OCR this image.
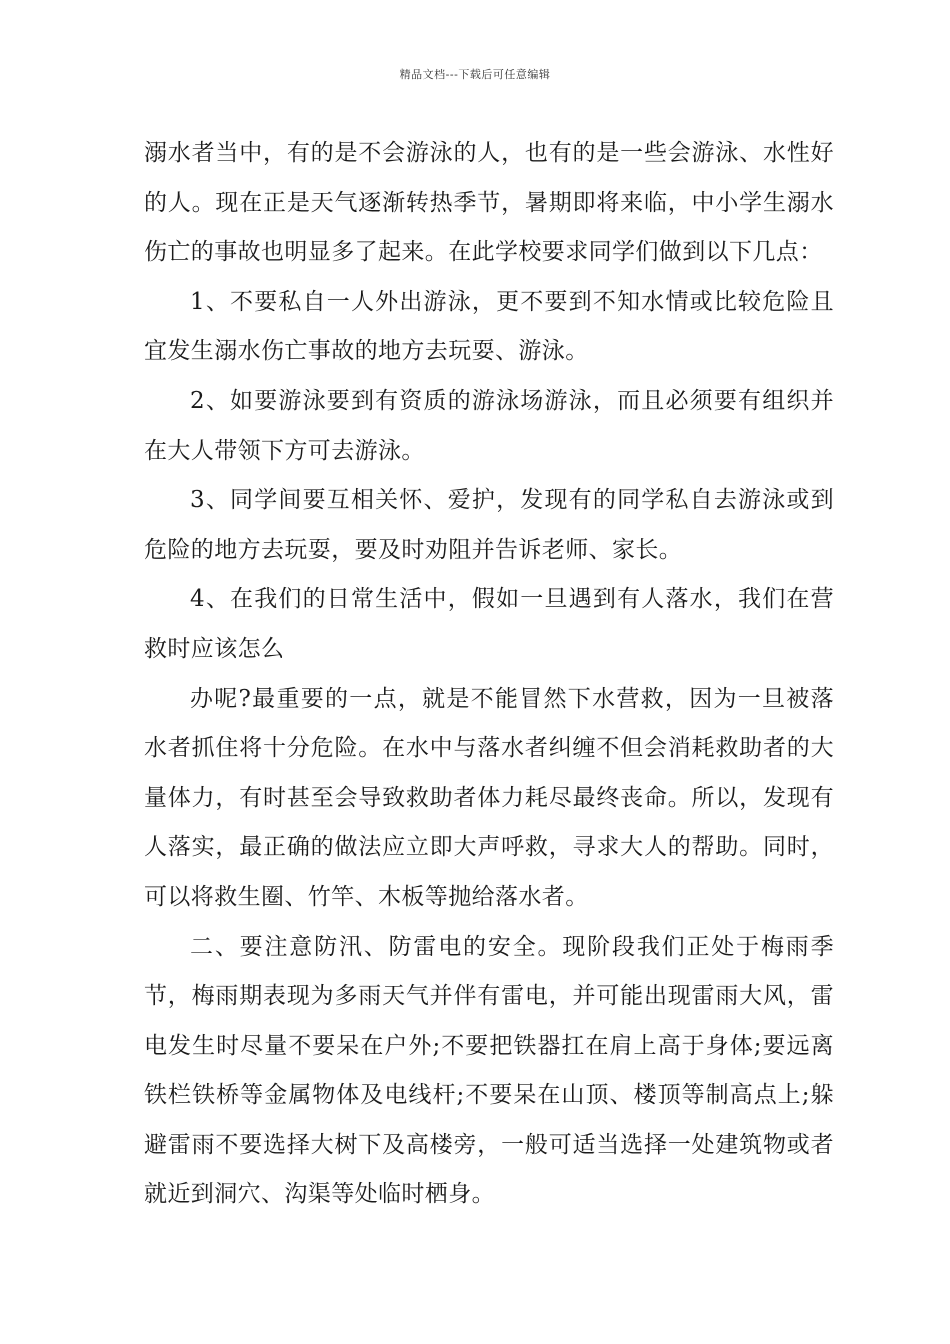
精品文档---下载后可任意编辑

溺水者当中，有的是不会游泳的人，也有的是一些会游泳、水性好的人。现在正是天气逐渐转热季节，暑期即将来临，中小学生溺水伤亡的事故也明显多了起来。在此学校要求同学们做到以下几点：

1、不要私自一人外出游泳，更不要到不知水情或比较危险且宜发生溺水伤亡事故的地方去玩耍、游泳。

2、如要游泳要到有资质的游泳场游泳，而且必须要有组织并在大人带领下方可去游泳。

3、同学间要互相关怀、爱护，发现有的同学私自去游泳或到危险的地方去玩耍，要及时劝阻并告诉老师、家长。

4、在我们的日常生活中，假如一旦遇到有人落水，我们在营救时应该怎么

办呢?最重要的一点，就是不能冒然下水营救，因为一旦被落水者抓住将十分危险。在水中与落水者纠缠不但会消耗救助者的大量体力，有时甚至会导致救助者体力耗尽最终丧命。所以，发现有人落实，最正确的做法应立即大声呼救，寻求大人的帮助。同时，可以将救生圈、竹竿、木板等抛给落水者。

二、要注意防汛、防雷电的安全。现阶段我们正处于梅雨季节，梅雨期表现为多雨天气并伴有雷电，并可能出现雷雨大风，雷电发生时尽量不要呆在户外;不要把铁器扛在肩上高于身体;要远离铁栏铁桥等金属物体及电线杆;不要呆在山顶、楼顶等制高点上;躲避雷雨不要选择大树下及高楼旁，一般可适当选择一处建筑物或者就近到洞穴、沟渠等处临时栖身。
